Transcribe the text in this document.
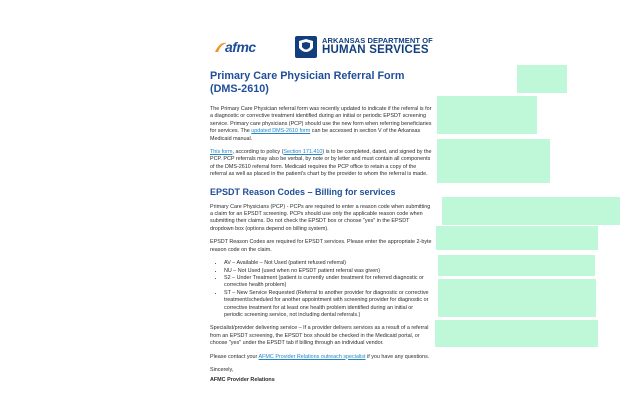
afmc	ARKANSAS DEPARTMENT OF
HUMAN SERVICES
Primary Care Physician Referral Form (DMS-2610)

The Primary Care Physician referral form was recently updated to indicate if the referral is for a diagnostic or corrective treatment identified during an initial or periodic EPSDT screening service. Primary care physicians (PCP) should use the new form when referring beneficiaries for services. The updated DMS-2610 form can be accessed in section V of the Arkansas Medicaid manual.

This form, according to policy (Section 171.410) is to be completed, dated, and signed by the PCP. PCP referrals may also be verbal, by note or by letter and must contain all components of the DMS-2610 referral form. Medicaid requires the PCP office to retain a copy of the referral as well as placed in the patient's chart by the provider to whom the referral is made.

EPSDT Reason Codes – Billing for services

Primary Care Physicians (PCP) - PCPs are required to enter a reason code when submitting a claim for an EPSDT screening. PCPs should use only the applicable reason code when submitting their claims. Do not check the EPSDT box or choose "yes" in the EPSDT dropdown box (options depend on billing system).

EPSDT Reason Codes are required for EPSDT services. Please enter the appropriate 2-byte reason code on the claim.

• AV – Available – Not Used (patient refused referral)
• NU – Not Used (used when no EPSDT patient referral was given)
• S2 – Under Treatment (patient is currently under treatment for referred diagnostic or corrective health problem)
• ST – New Service Requested (Referral to another provider for diagnostic or corrective treatment/scheduled for another appointment with screening provider for diagnostic or corrective treatment for at least one health problem identified during an initial or periodic screening service, not including dental referrals.)

Specialist/provider delivering service – If a provider delivers services as a result of a referral from an EPSDT screening, the EPSDT box should be checked in the Medicaid portal, or choose "yes" under the EPSDT tab if billing through an individual vendor.

Please contact your AFMC Provider Relations outreach specialist if you have any questions.

Sincerely,

AFMC Provider Relations
